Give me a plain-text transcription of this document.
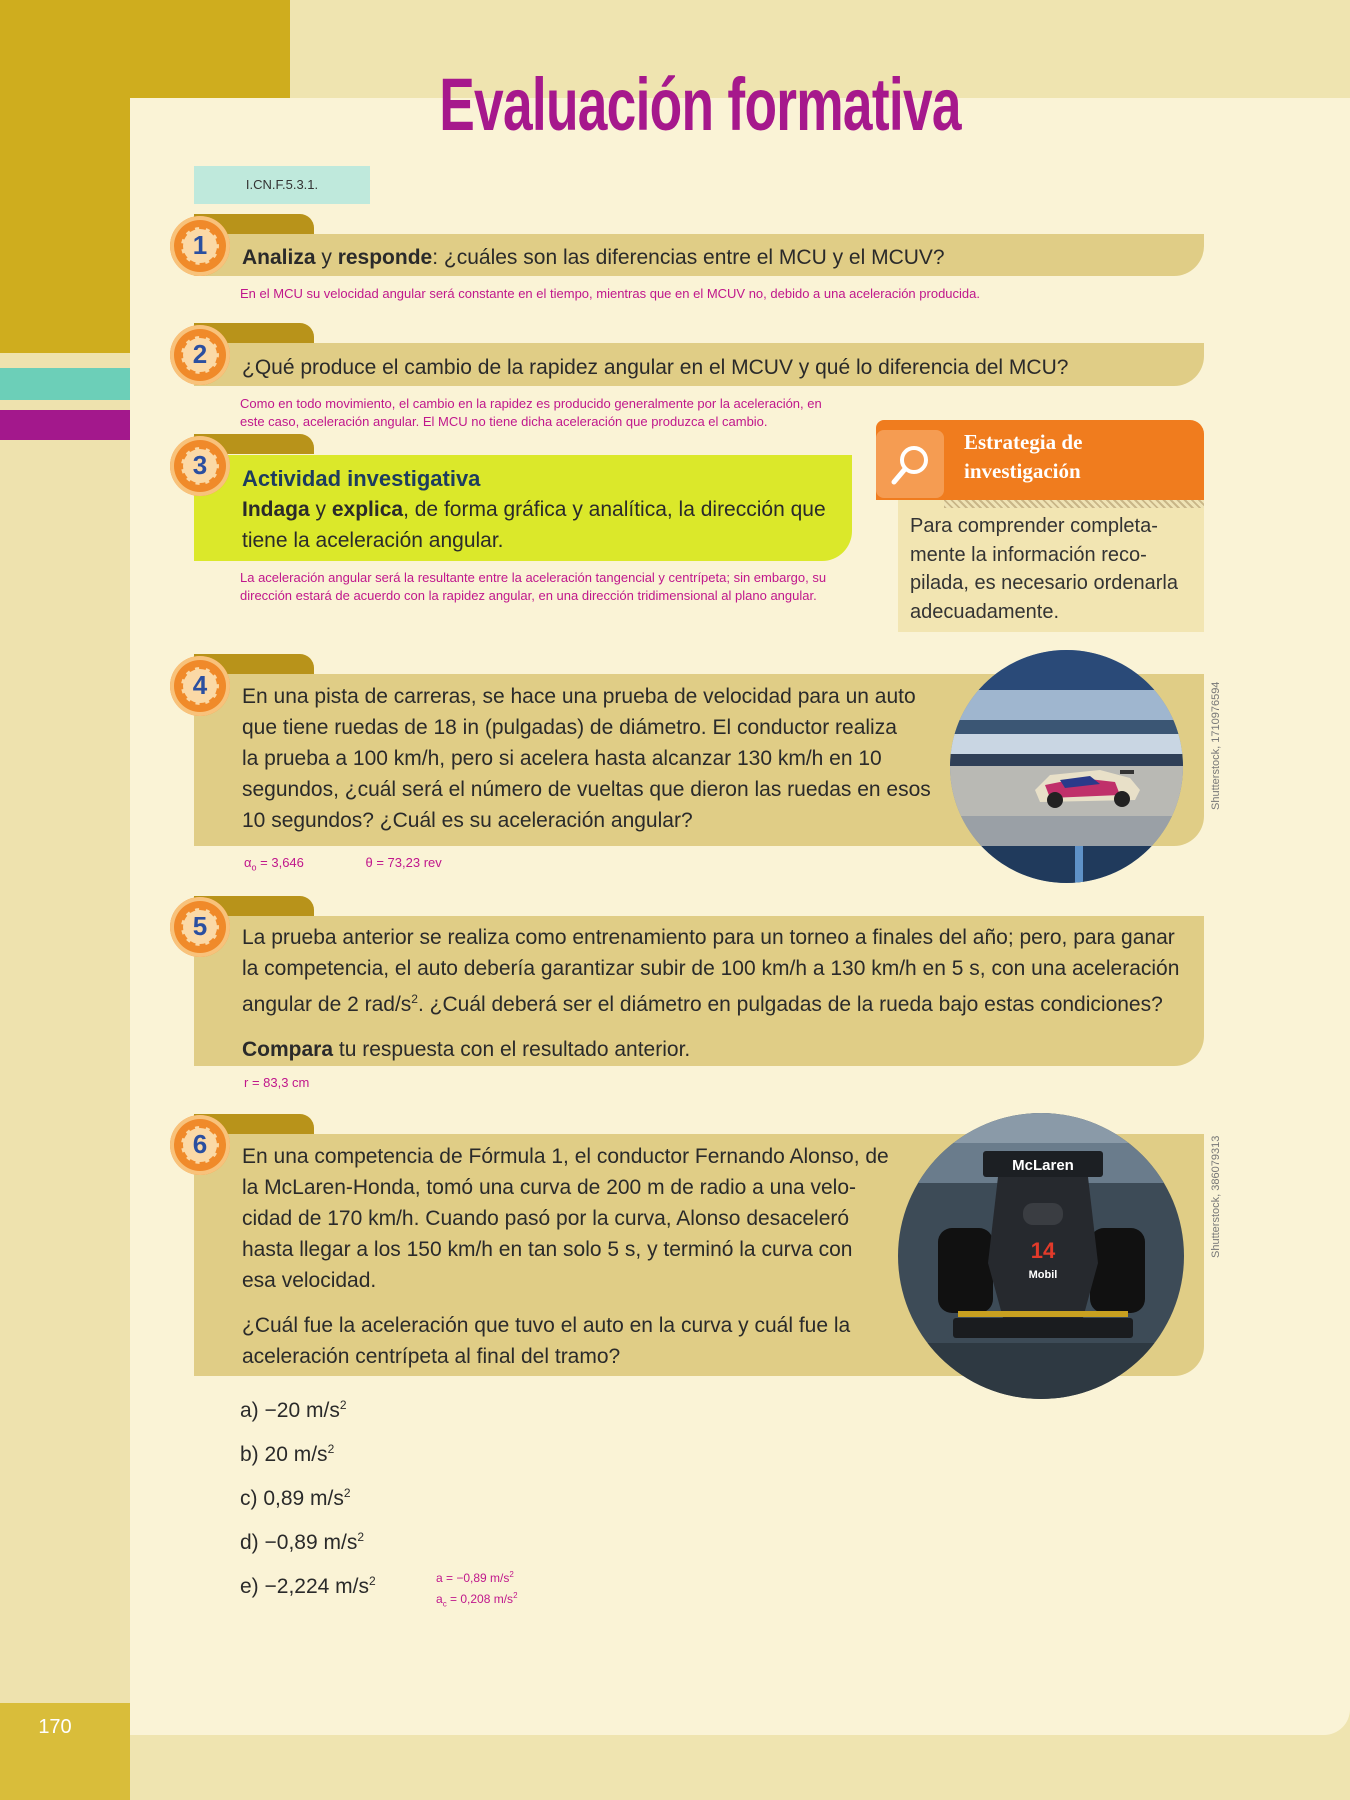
170
Evaluación formativa
I.CN.F.5.3.1.
1	Analiza y responde: ¿cuáles son las diferencias entre el MCU y el MCUV?
En el MCU su velocidad angular será constante en el tiempo, mientras que en el MCUV no, debido a una aceleración producida.
2	¿Qué produce el cambio de la rapidez angular en el MCUV y qué lo diferencia del MCU?
Como en todo movimiento, el cambio en la rapidez es producido generalmente por la aceleración, en
este caso, aceleración angular. El MCU no tiene dicha aceleración que produzca el cambio.
3	Actividad investigativa
Indaga y explica, de forma gráfica y analítica, la dirección que
tiene la aceleración angular.
La aceleración angular será la resultante entre la aceleración tangencial y centrípeta; sin embargo, su
dirección estará de acuerdo con la rapidez angular, en una dirección tridimensional al plano angular.
Estrategia de
investigación
Para comprender completa-
mente la información reco-
pilada, es necesario ordenarla
adecuadamente.
4	En una pista de carreras, se hace una prueba de velocidad para un auto
que tiene ruedas de 18 in (pulgadas) de diámetro. El conductor realiza
la prueba a 100 km/h, pero si acelera hasta alcanzar 130 km/h en 10
segundos, ¿cuál será el número de vueltas que dieron las ruedas en esos
10 segundos? ¿Cuál es su aceleración angular?
Shutterstock, 1710976594
$\alpha_o = 3,646$	θ = 73,23 rev
5	La prueba anterior se realiza como entrenamiento para un torneo a finales del año; pero, para ganar
la competencia, el auto debería garantizar subir de 100 km/h a 130 km/h en 5 s, con una aceleración
angular de 2 rad/$s^2$. ¿Cuál deberá ser el diámetro en pulgadas de la rueda bajo estas condiciones?
Compara tu respuesta con el resultado anterior.
r = 83,3 cm
6	En una competencia de Fórmula 1, el conductor Fernando Alonso, de
la McLaren-Honda, tomó una curva de 200 m de radio a una velo-
cidad de 170 km/h. Cuando pasó por la curva, Alonso desaceleró
hasta llegar a los 150 km/h en tan solo 5 s, y terminó la curva con
esa velocidad.
¿Cuál fue la aceleración que tuvo el auto en la curva y cuál fue la
aceleración centrípeta al final del tramo?
McLaren
14
Mobil
Shutterstock, 386079313
a) −20 $m/s^2$
b) 20 $m/s^2$
c) 0,89 $m/s^2$
d) −0,89 $m/s^2$
e) −2,224 $m/s^2$	a = −0,89 $m/s^2$
$a_c = 0,208$ $m/s^2$
